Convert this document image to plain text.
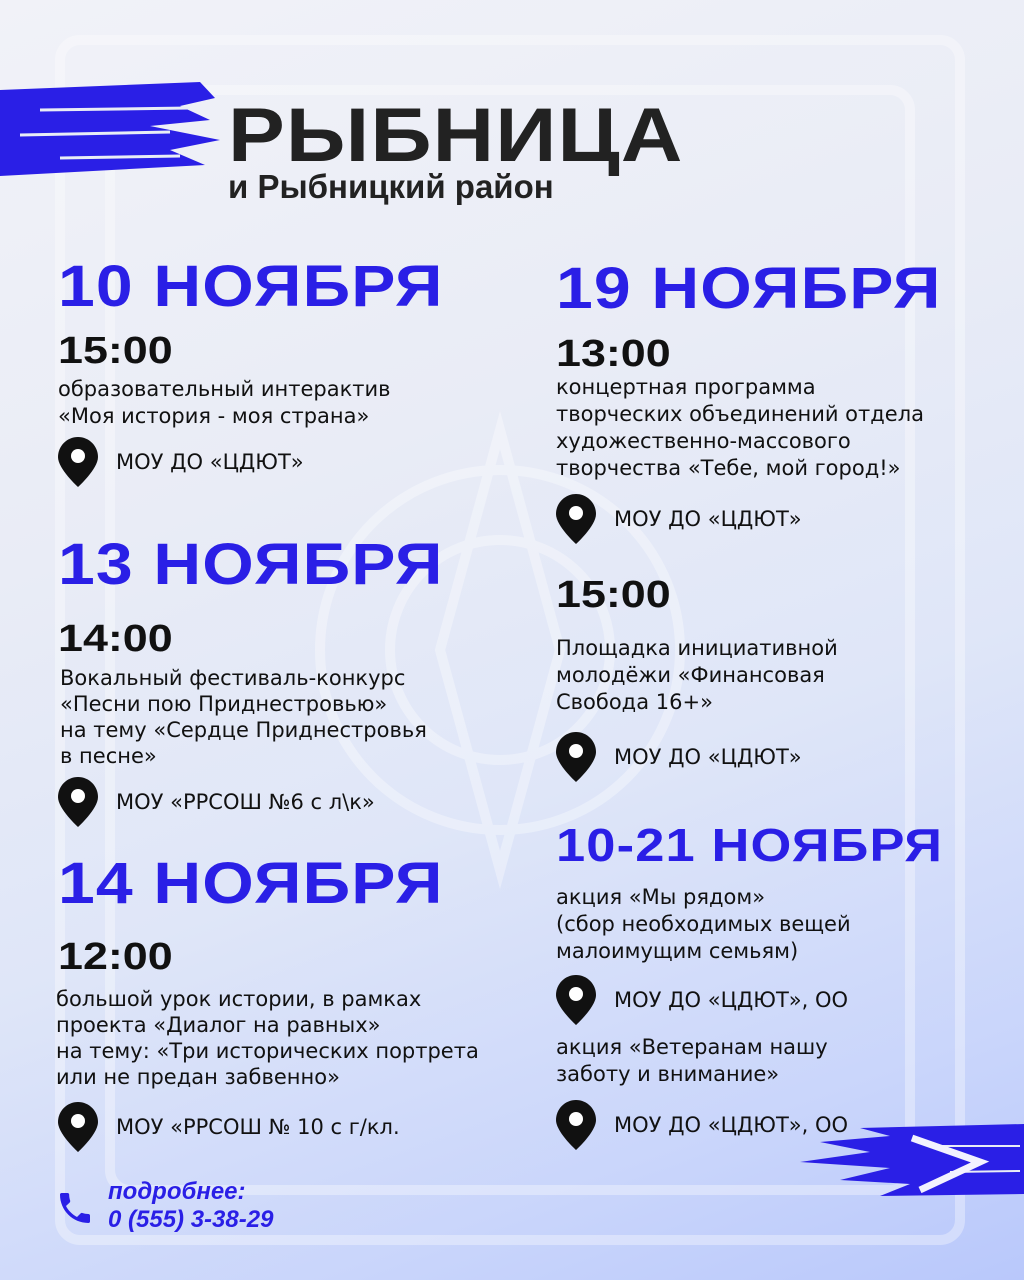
РЫБНИЦА
и Рыбницкий район
10 НОЯБРЯ
15:00
образовательный интерактив
«Моя история - моя страна»
МОУ ДО «ЦДЮТ»
13 НОЯБРЯ
14:00
Вокальный фестиваль-конкурс
«Песни пою Приднестровью»
на тему «Сердце Приднестровья
в песне»
МОУ «РРСОШ №6 с л\к»
14 НОЯБРЯ
12:00
большой урок истории, в рамках
проекта «Диалог на равных»
на тему: «Три исторических портрета
или не предан забвенно»
МОУ «РРСОШ № 10 с г/кл.
19 НОЯБРЯ
13:00
концертная программа
творческих объединений отдела
художественно-массового
творчества «Тебе, мой город!»
МОУ ДО «ЦДЮТ»
15:00
Площадка инициативной
молодёжи «Финансовая
Свобода 16+»
МОУ ДО «ЦДЮТ»
10-21 НОЯБРЯ
акция «Мы рядом»
(сбор необходимых вещей
малоимущим семьям)
МОУ ДО «ЦДЮТ», ОО
акция «Ветеранам нашу
заботу и внимание»
МОУ ДО «ЦДЮТ», ОО
подробнее:
0 (555) 3-38-29
